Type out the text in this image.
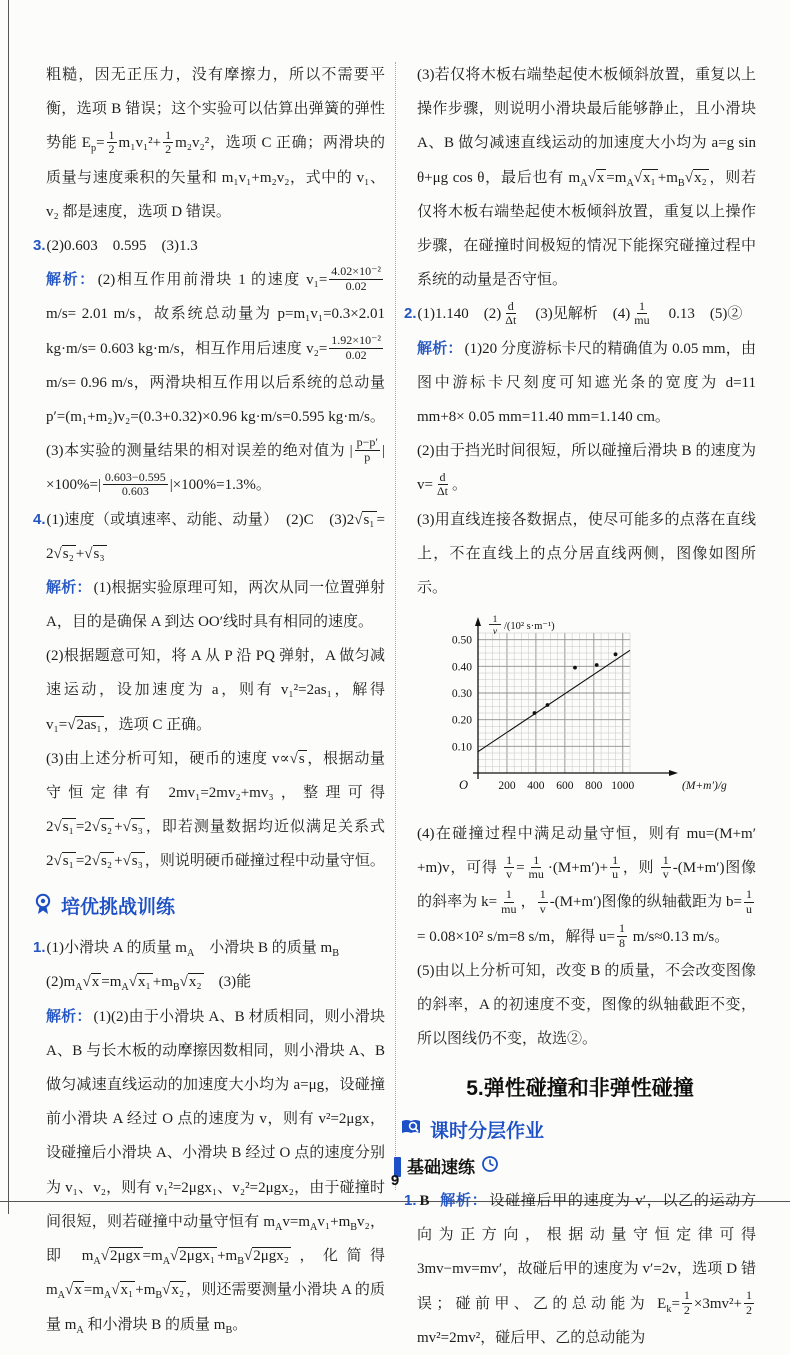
粗糙，因无正压力，没有摩擦力，所以不需要平衡，选项 B 错误；这个实验可以估算出弹簧的弹性势能 $E_p= \frac{1}{2} m_1v_1^2+ \frac{1}{2} m_2v_2^2$，选项 C 正确；两滑块的质量与速度乘积的矢量和 m₁v₁+m₂v₂，式中的 v₁、v₂ 都是速度，选项 D 错误。

3.(2)0.603　0.595　(3)1.3

解析： (2)相互作用前滑块 1 的速度 $v_1= \frac{\text{4.02×10⁻²}}{0.02}$
m/s= 2.01 m/s，故系统总动量为 p=m₁v₁=0.3×2.01 kg·m/s= 0.603 kg·m/s，相互作用后速度 $v_2= \frac{\text{1.92×10⁻²}}{0.02}$
m/s= 0.96 m/s，两滑块相互作用以后系统的总动量 p′=(m₁+m₂)v₂=(0.3+0.32)×0.96 kg·m/s=0.595 kg·m/s。

(3)本实验的测量结果的相对误差的绝对值为 | $\frac{p-p'}{p} |\times 100\%=| \frac{0.603-0.595}{0.603} |\times 100\%=1.3\%$。

4.(1)速度（或填速率、动能、动量）　(2)C　(3)2√s₁ = 2√s₂ +√s₃

解析： (1)根据实验原理可知，两次从同一位置弹射 A，目的是确保 A 到达 OO′线时具有相同的速度。

(2)根据题意可知，将 A 从 P 沿 PQ 弹射，A 做匀减速运动，设加速度为 a，则有 v₁²=2as₁，解得 v₁=√2as₁ ，选项 C 正确。

(3)由上述分析可知，硬币的速度 v∝√s ，根据动量守恒定律有 2mv₁=2mv₂+mv₃，整理可得 2√s₁ =2√s₂ +√s₃ ，即若测量数据均近似满足关系式 2√s₁ =2√s₂ +√s₃ ，则说明硬币碰撞过程中动量守恒。

培优挑战训练

1.(1)小滑块 A 的质量 $m_A$　小滑块 B 的质量 $m_B$
$(2)m_A√x =m_A√x_1 +m_B√x_2$　(3)能

解析： (1)(2)由于小滑块 A、B 材质相同，则小滑块 A、B 与长木板的动摩擦因数相同，则小滑块 A、B 做匀减速直线运动的加速度大小均为 a=μg，设碰撞前小滑块 A 经过 O 点的速度为 v，则有 v²=2μgx，设碰撞后小滑块 A、小滑块 B 经过 O 点的速度分别为 v₁、v₂，则有 v₁²=2μgx₁、v₂²=2μgx₂，由于碰撞时间很短，则若碰撞中动量守恒有 $m_Av=m_Av_1+m_Bv_2$，即 $m_A√2\mu gx =m_A√2\mu gx_1 +m_B√2\mu gx_2$ ，化简得 $m_A√x =m_A√x_1 +m_B√x_2$ ，则还需要测量小滑块 A 的质量 $m_A$ 和小滑块 B 的质量 $m_B$。

(3)若仅将木板右端垫起使木板倾斜放置，重复以上操作步骤，则说明小滑块最后能够静止，且小滑块 A、B 做匀减速直线运动的加速度大小均为 a=g sin θ+μg cos θ，最后也有 $m_A√x =m_A√x_1 +m_B√x_2$ ，则若仅将木板右端垫起使木板倾斜放置，重复以上操作步骤，在碰撞时间极短的情况下能探究碰撞过程中系统的动量是否守恒。

2.(1)1.140　$(2) \frac{d}{\Delta t}$ 　(3)见解析　$(4) \frac{1}{mu}$ 　0.13　(5)②

解析： (1)20 分度游标卡尺的精确值为 0.05 mm，由图中游标卡尺刻度可知遮光条的宽度为 d=11 mm+8× 0.05 mm=11.40 mm=1.140 cm。

(2)由于挡光时间很短，所以碰撞后滑块 B 的速度为 $v= \frac{d}{\Delta t}$ 。

(3)用直线连接各数据点，使尽可能多的点落在直线上，不在直线上的点分居直线两侧，图像如图所示。

200 400 600 800 1000
0.10
0.20
0.30
0.40
0.50
O	(M+m′)/g
1
v /(10² s·m⁻¹)

(4)在碰撞过程中满足动量守恒，则有 mu=(M+m′+m)v，可得 $\frac{1}{v} = \frac{1}{mu} \cdot(M+m')+ \frac{1}{u}$ ，则 $\frac{1}{v} -(M+m')$图像的斜率为 $k= \frac{1}{mu}$ ， $\frac{1}{v} -(M+m')$图像的纵轴截距为 $b= \frac{1}{u}$
= 0.08×10² s/m=8 s/m，解得 $u= \frac{1}{8} m/s\approx 0.13$ m/s。

(5)由以上分析可知，改变 B 的质量，不会改变图像的斜率，A 的初速度不变，图像的纵轴截距不变，所以图线仍不变，故选②。

5.弹性碰撞和非弹性碰撞
课时分层作业
基础速练

1. B 解析： 设碰撞后甲的速度为 v′，以乙的运动方向为正方向，根据动量守恒定律可得 3mv−mv=mv′，故碰后甲的速度为 v′=2v，选项 D 错误；碰前甲、乙的总动能为 $E_k= \frac{1}{2} \times 3mv^2+ \frac{1}{2}$
mv²=2mv²，碰后甲、乙的总动能为

9
